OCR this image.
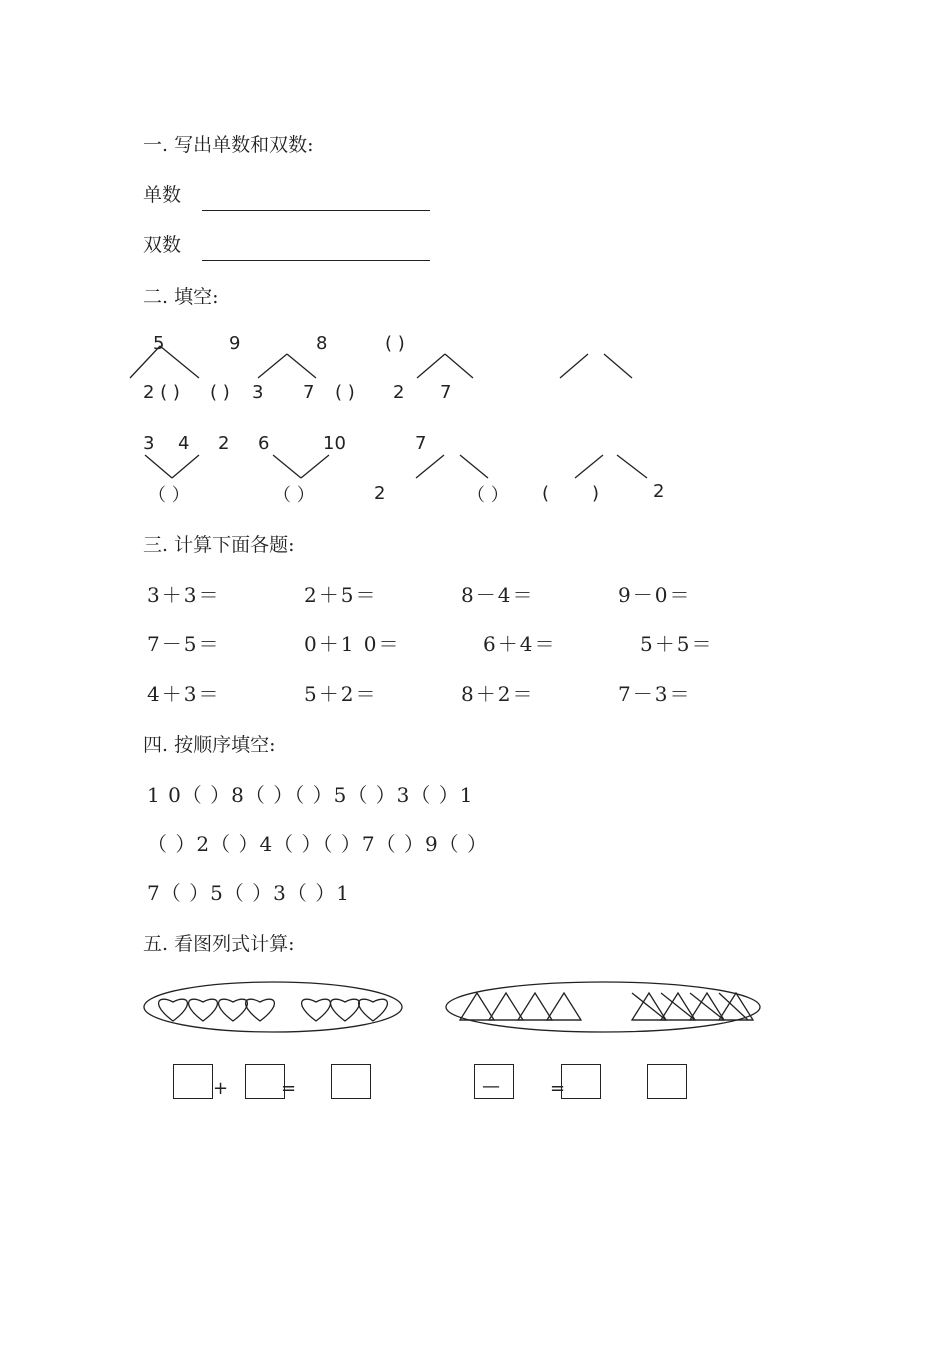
一. 写出单数和双数:
单数
双数
二. 填空:
5	9	8	( )
2 ( ) ( ) 3 7 ( ) 2 7
3 4 2 6	10	7
（ ）	（ ）	2	（ ） ( )	2
三. 计算下面各题:
3＋3＝	2＋5＝	8－4＝	9－0＝
7－5＝	0＋1 0＝	6＋4＝	5＋5＝
4＋3＝	5＋2＝	8＋2＝	7－3＝
四. 按顺序填空:
1 0（ ）8（ ）（ ）5（ ）3（ ）1
（ ）2（ ）4（ ）（ ）7（ ）9（ ）
7（ ）5（ ）3（ ）1
五. 看图列式计算:
+	=	—	=
